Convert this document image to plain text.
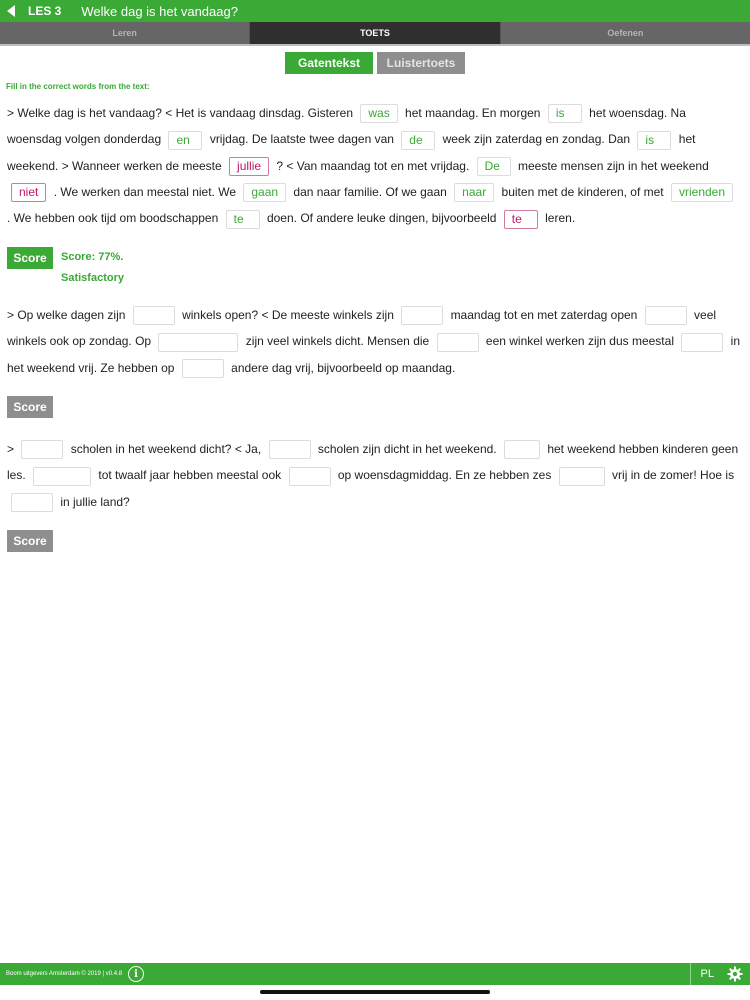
LES 3	Welke dag is het vandaag?
Leren	TOETS	Oefenen
Gatentekst	Luistertoets
Fill in the correct words from the text:
> Welke dag is het vandaag? < Het is vandaag dinsdag. Gisteren was het maandag. En morgen is het woensdag. Na woensdag volgen donderdag en vrijdag. De laatste twee dagen van de week zijn zaterdag en zondag. Dan is het weekend. > Wanneer werken de meeste jullie ? < Van maandag tot en met vrijdag. De meeste mensen zijn in het weekend niet . We werken dan meestal niet. We gaan dan naar familie. Of we gaan naar buiten met de kinderen, of met vrienden . We hebben ook tijd om boodschappen te doen. Of andere leuke dingen, bijvoorbeeld te leren.
Score	Score: 77%.
Satisfactory
> Op welke dagen zijn	winkels open? < De meeste winkels zijn	maandag tot en met zaterdag open	veel winkels ook op zondag. Op	zijn veel winkels dicht. Mensen die	een winkel werken zijn dus meestal	in het weekend vrij. Ze hebben op	andere dag vrij, bijvoorbeeld op maandag.
Score
>	scholen in het weekend dicht? < Ja,	scholen zijn dicht in het weekend.	het weekend hebben kinderen geen les.	tot twaalf jaar hebben meestal ook	op woensdagmiddag. En ze hebben zes	vrij in de zomer! Hoe is  in jullie land?
Score
Boom uitgevers Amsterdam © 2019 | v0.4.8	i	PL
